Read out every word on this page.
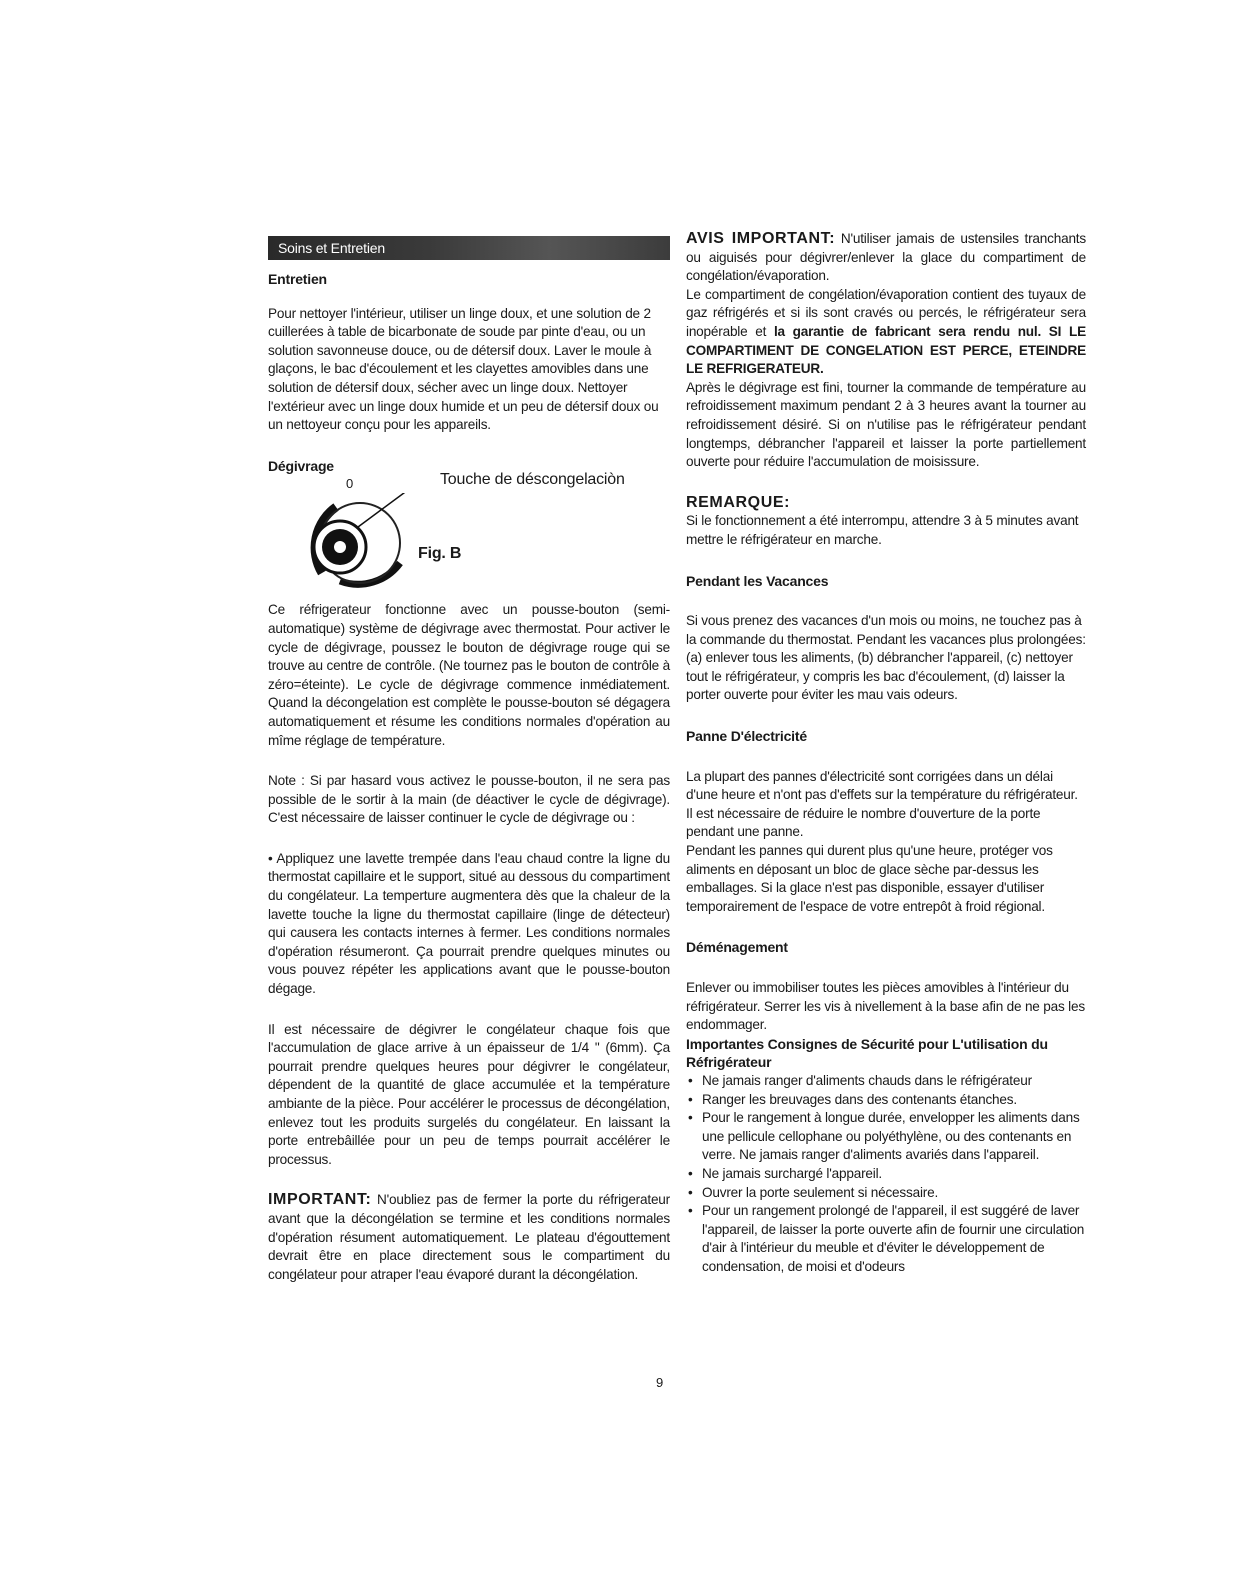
Soins et Entretien
Entretien

Pour nettoyer l'intérieur, utiliser un linge doux, et une solution de 2 cuillerées à table de bicarbonate de soude par pinte d'eau, ou un solution savonneuse douce, ou de détersif doux. Laver le moule à glaçons, le bac d'écoulement et les clayettes amovibles dans une solution de détersif doux, sécher avec un linge doux. Nettoyer l'extérieur avec un linge doux humide et un peu de détersif doux ou un nettoyeur conçu pour les appareils.

Dégivrage
0	Touche de déscongelaciòn
Fig. B

Ce réfrigerateur fonctionne avec un pousse-bouton (semi-automatique) système de dégivrage avec thermostat. Pour activer le cycle de dégivrage, poussez le bouton de dégivrage rouge qui se trouve au centre de contrôle. (Ne tournez pas le bouton de contrôle à zéro=éteinte). Le cycle de dégivrage commence inmédiatement. Quand la décongelation est complète le pousse-bouton sé dégagera automatiquement et résume les conditions normales d'opération au mîme réglage de température.

Note : Si par hasard vous activez le pousse-bouton, il ne sera pas possible de le sortir à la main (de déactiver le cycle de dégivrage). C'est nécessaire de laisser continuer le cycle de dégivrage ou :

• Appliquez une lavette trempée dans l'eau chaud contre la ligne du thermostat capillaire et le support, situé au dessous du compartiment du congélateur. La temperture augmentera dès que la chaleur de la lavette touche la ligne du thermostat capillaire (linge de détecteur) qui causera les contacts internes à fermer. Les conditions normales d'opération résumeront. Ça pourrait prendre quelques minutes ou vous pouvez répéter les applications avant que le pousse-bouton dégage.

Il est nécessaire de dégivrer le congélateur chaque fois que l'accumulation de glace arrive à un épaisseur de 1/4 " (6mm). Ça pourrait prendre quelques heures pour dégivrer le congélateur, dépendent de la quantité de glace accumulée et la température ambiante de la pièce. Pour accélérer le processus de décongélation, enlevez tout les produits surgelés du congélateur. En laissant la porte entrebâillée pour un peu de temps pourrait accélérer le processus.

IMPORTANT: N'oubliez pas de fermer la porte du réfrigerateur avant que la décongélation se termine et les conditions normales d'opération résument automatiquement. Le plateau d'égouttement devrait être en place directement sous le compartiment du congélateur pour atraper l'eau évaporé durant la décongélation.

9

AVIS IMPORTANT: N'utiliser jamais de ustensiles tranchants ou aiguisés pour dégivrer/enlever la glace du compartiment de congélation/évaporation.

Le compartiment de congélation/évaporation contient des tuyaux de gaz réfrigérés et si ils sont cravés ou percés, le réfrigérateur sera inopérable et la garantie de fabricant sera rendu nul. SI LE COMPARTIMENT DE CONGELATION EST PERCE, ETEINDRE LE REFRIGERATEUR.

Après le dégivrage est fini, tourner la commande de température au refroidissement maximum pendant 2 à 3 heures avant la tourner au refroidissement désiré. Si on n'utilise pas le réfrigérateur pendant longtemps, débrancher l'appareil et laisser la porte partiellement ouverte pour réduire l'accumulation de moisissure.

REMARQUE:

Si le fonctionnement a été interrompu, attendre 3 à 5 minutes avant mettre le réfrigérateur en marche.

Pendant les Vacances

Si vous prenez des vacances d'un mois ou moins, ne touchez pas à la commande du thermostat. Pendant les vacances plus prolongées: (a) enlever tous les aliments, (b) débrancher l'appareil, (c) nettoyer tout le réfrigérateur, y compris les bac d'écoulement, (d) laisser la porter ouverte pour éviter les mau vais odeurs.

Panne D'électricité

La plupart des pannes d'électricité sont corrigées dans un délai d'une heure et n'ont pas d'effets sur la température du réfrigérateur. Il est nécessaire de réduire le nombre d'ouverture de la porte pendant une panne.

Pendant les pannes qui durent plus qu'une heure, protéger vos aliments en déposant un bloc de glace sèche par-dessus les emballages. Si la glace n'est pas disponible, essayer d'utiliser temporairement de l'espace de votre entrepôt à froid régional.

Déménagement

Enlever ou immobiliser toutes les pièces amovibles à l'intérieur du réfrigérateur. Serrer les vis à nivellement à la base afin de ne pas les endommager.

Importantes Consignes de Sécurité pour L'utilisation du Réfrigérateur
• Ne jamais ranger d'aliments chauds dans le réfrigérateur
• Ranger les breuvages dans des contenants étanches.
• Pour le rangement à longue durée, envelopper les aliments dans une pellicule cellophane ou polyéthylène, ou des contenants en verre. Ne jamais ranger d'aliments avariés dans l'appareil.
• Ne jamais surchargé l'appareil.
• Ouvrer la porte seulement si nécessaire.
• Pour un rangement prolongé de l'appareil, il est suggéré de laver l'appareil, de laisser la porte ouverte afin de fournir une circulation d'air à l'intérieur du meuble et d'éviter le développement de condensation, de moisi et d'odeurs
